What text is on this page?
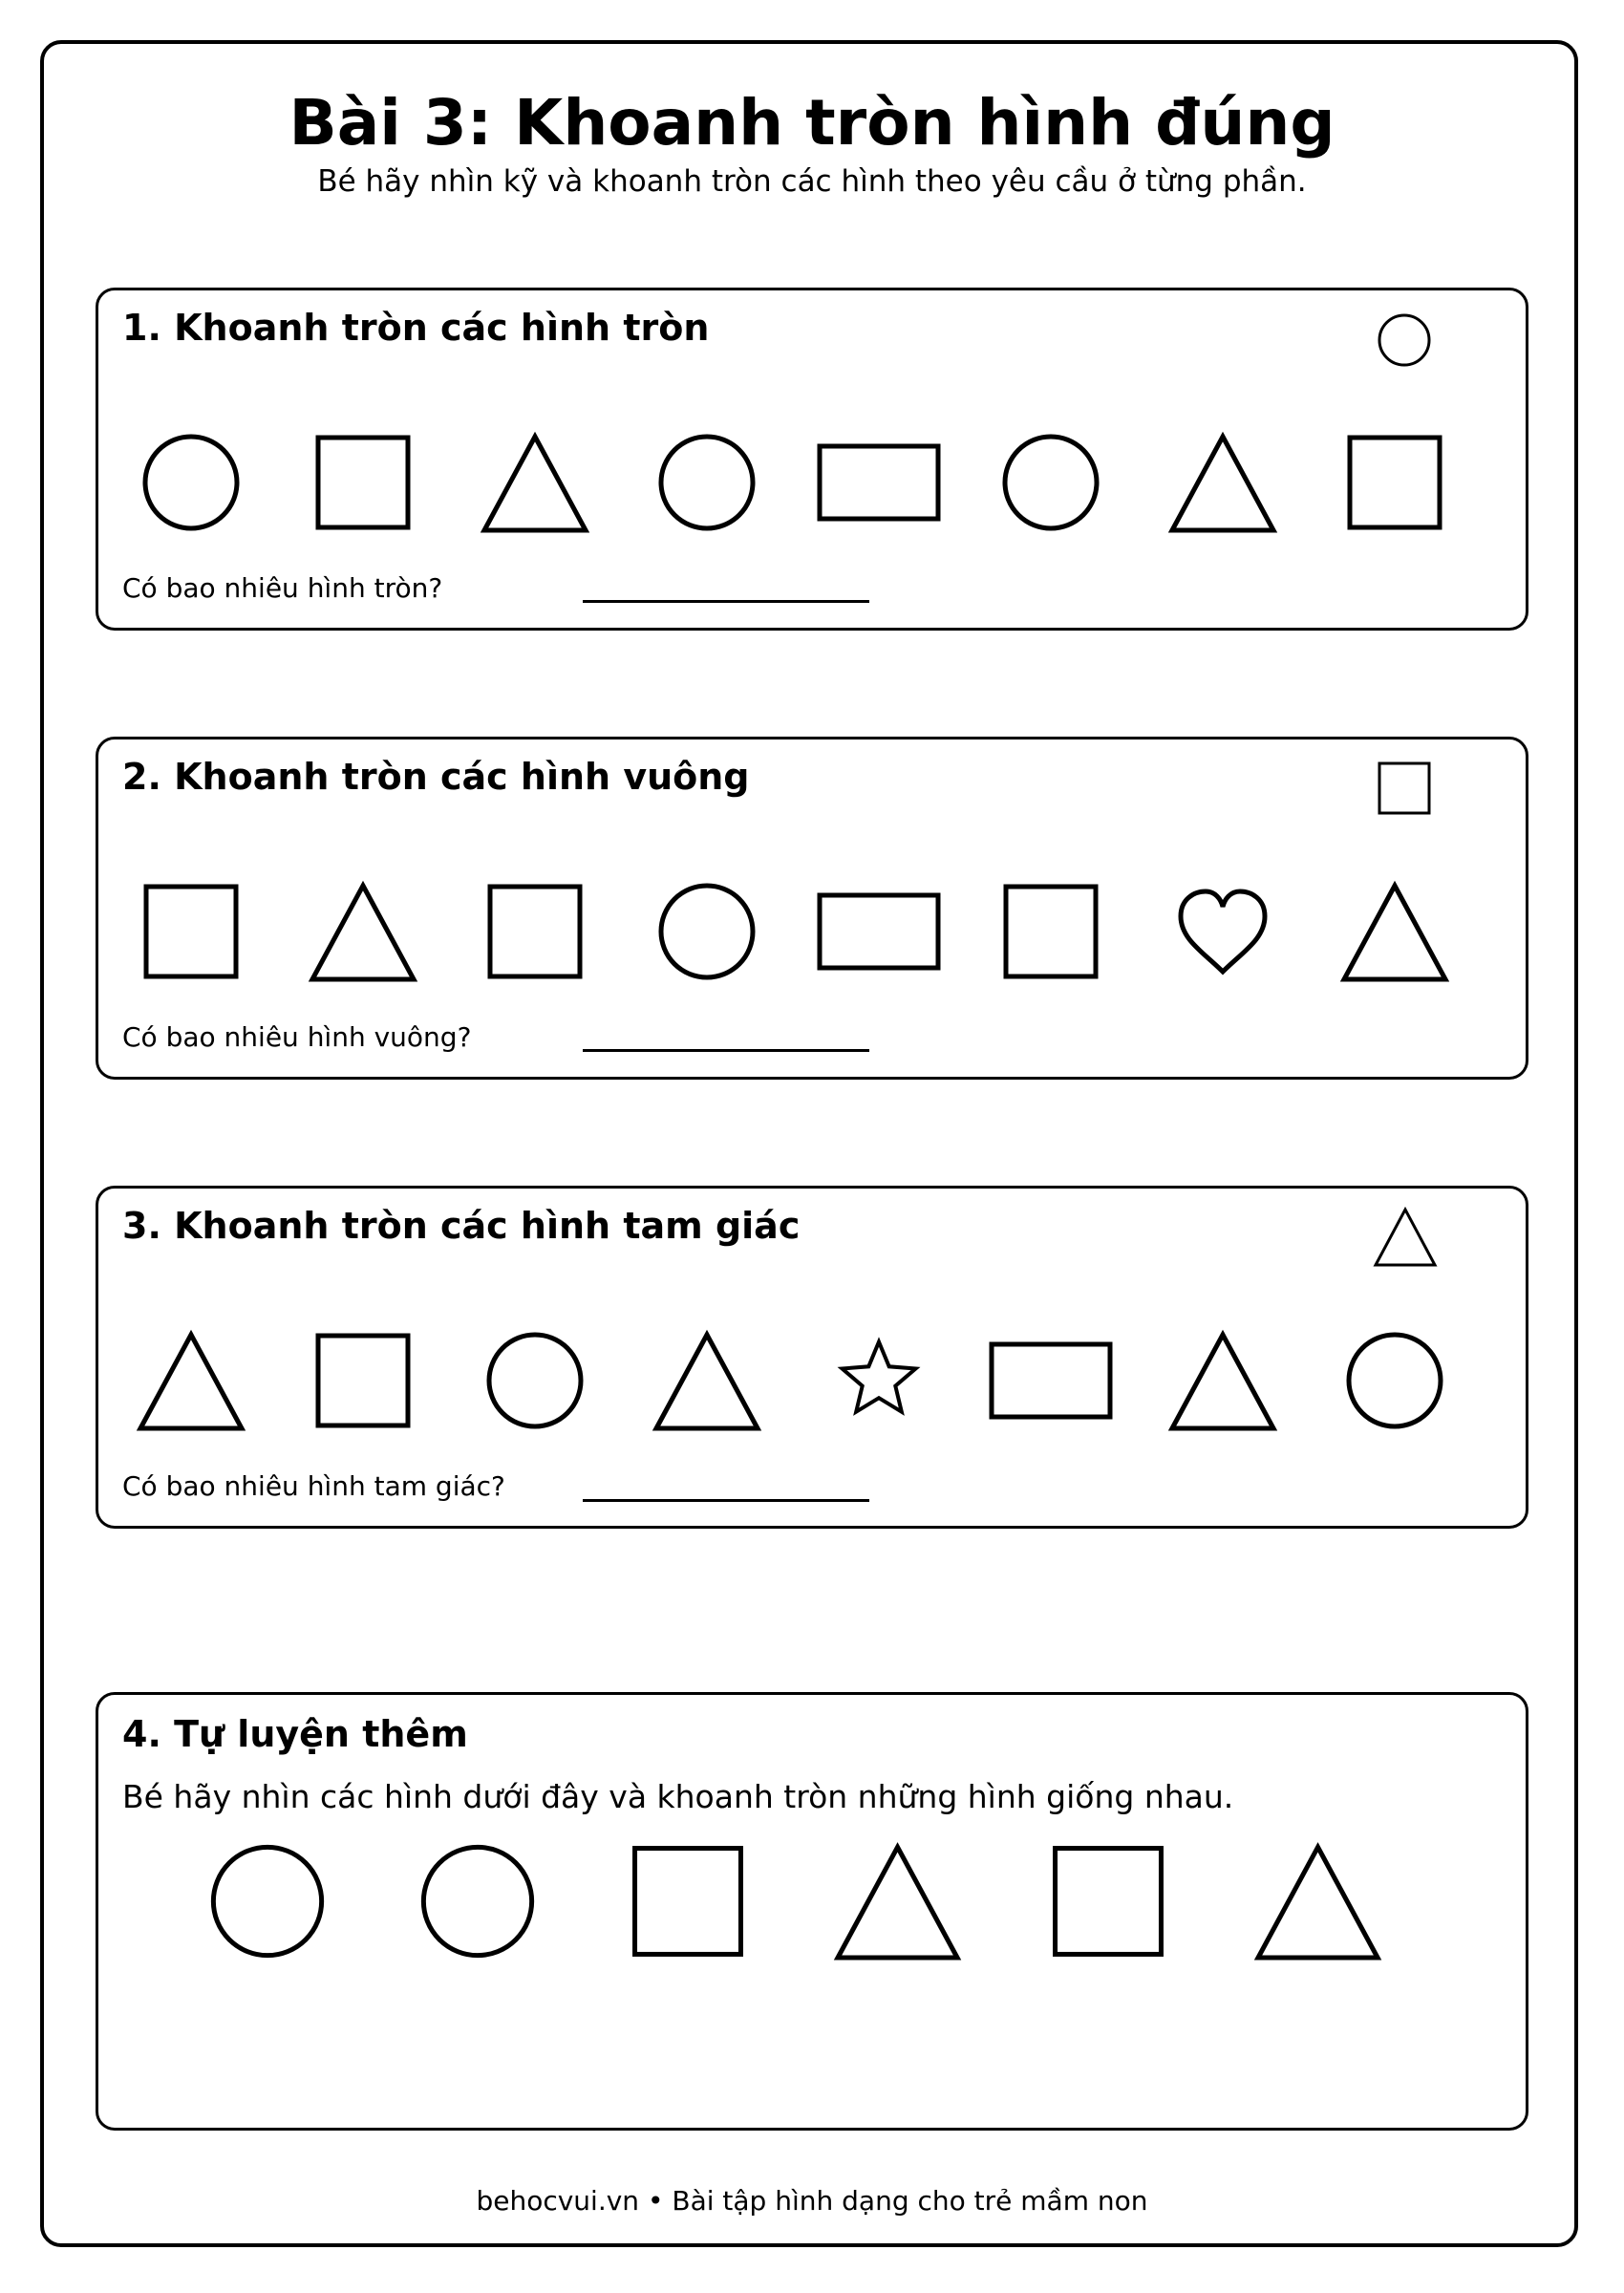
Bài 3: Khoanh tròn hình đúng
Bé hãy nhìn kỹ và khoanh tròn các hình theo yêu cầu ở từng phần.
1. Khoanh tròn các hình tròn
Có bao nhiêu hình tròn?
2. Khoanh tròn các hình vuông
Có bao nhiêu hình vuông?
3. Khoanh tròn các hình tam giác
Có bao nhiêu hình tam giác?
4. Tự luyện thêm
Bé hãy nhìn các hình dưới đây và khoanh tròn những hình giống nhau.
behocvui.vn • Bài tập hình dạng cho trẻ mầm non
